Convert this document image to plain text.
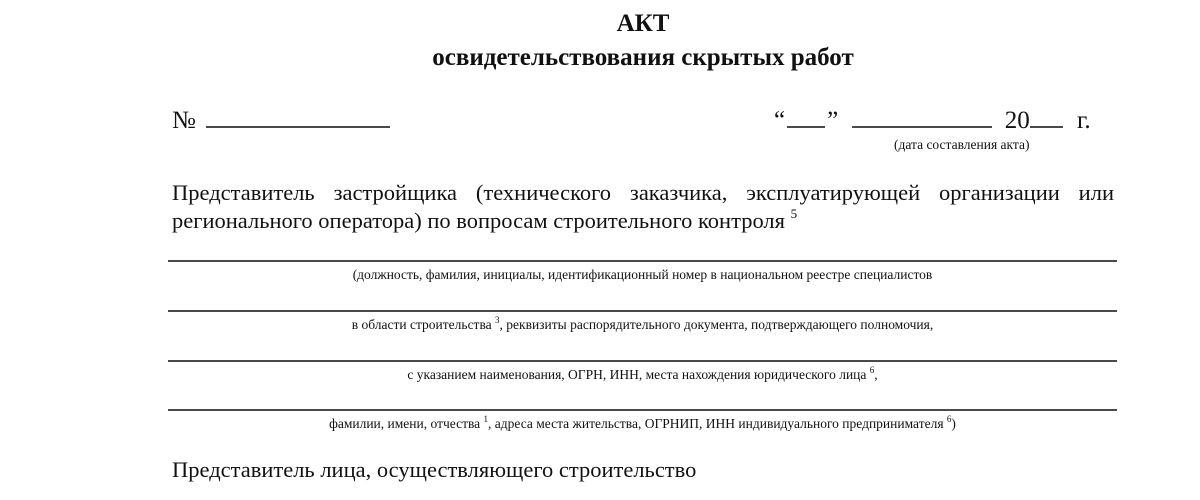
АКТ
освидетельствования скрытых работ
№	“ ”	20 г.
(дата составления акта)
Представитель застройщика (технического заказчика, эксплуатирующей организации или
регионального оператора) по вопросам строительного контроля $^5$
(должность, фамилия, инициалы, идентификационный номер в национальном реестре специалистов
в области строительства $^3$, реквизиты распорядительного документа, подтверждающего полномочия,
с указанием наименования, ОГРН, ИНН, места нахождения юридического лица $^6$,
фамилии, имени, отчества $^1$, адреса места жительства, ОГРНИП, ИНН индивидуального предпринимателя $^6$)
Представитель лица, осуществляющего строительство
